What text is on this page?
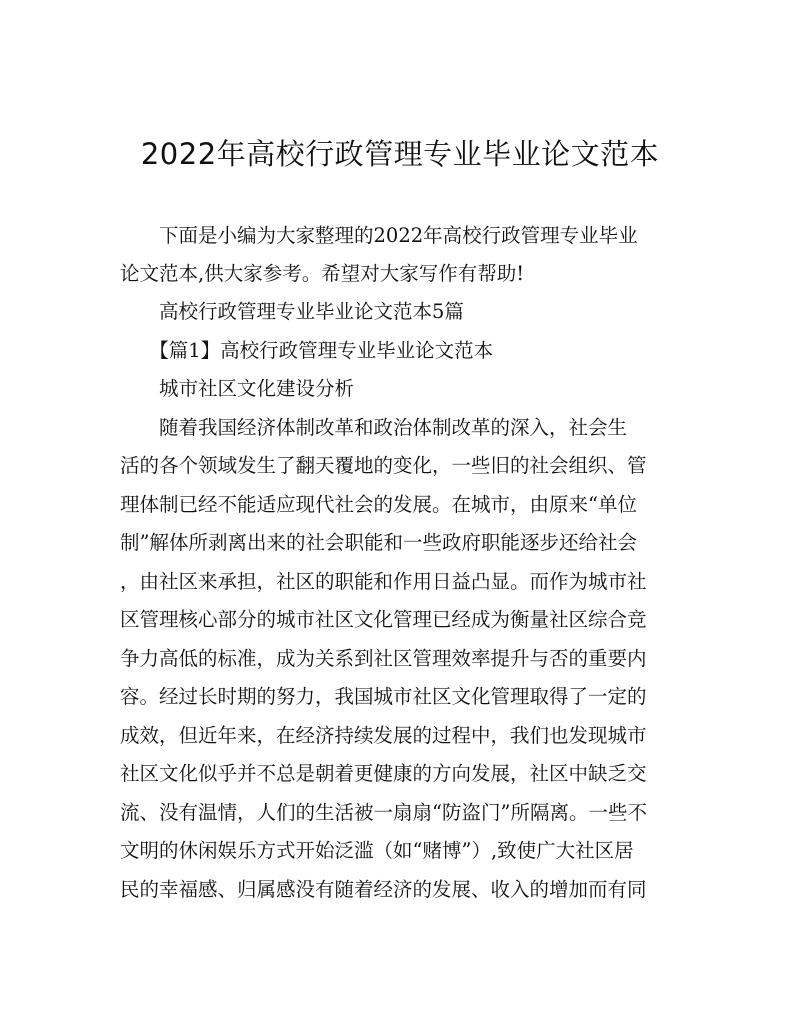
2022年高校行政管理专业毕业论文范本
　　下面是小编为大家整理的2022年高校行政管理专业毕业
论文范本,供大家参考。希望对大家写作有帮助!
　　高校行政管理专业毕业论文范本5篇
　　【篇1】高校行政管理专业毕业论文范本
　　城市社区文化建设分析
　　随着我国经济体制改革和政治体制改革的深入，社会生
活的各个领域发生了翻天覆地的变化，一些旧的社会组织、管
理体制已经不能适应现代社会的发展。在城市，由原来“单位
制”解体所剥离出来的社会职能和一些政府职能逐步还给社会
，由社区来承担，社区的职能和作用日益凸显。而作为城市社
区管理核心部分的城市社区文化管理已经成为衡量社区综合竞
争力高低的标准，成为关系到社区管理效率提升与否的重要内
容。经过长时期的努力，我国城市社区文化管理取得了一定的
成效，但近年来，在经济持续发展的过程中，我们也发现城市
社区文化似乎并不总是朝着更健康的方向发展，社区中缺乏交
流、没有温情，人们的生活被一扇扇“防盗门”所隔离。一些不
文明的休闲娱乐方式开始泛滥（如“赌博”）,致使广大社区居
民的幸福感、归属感没有随着经济的发展、收入的增加而有同
